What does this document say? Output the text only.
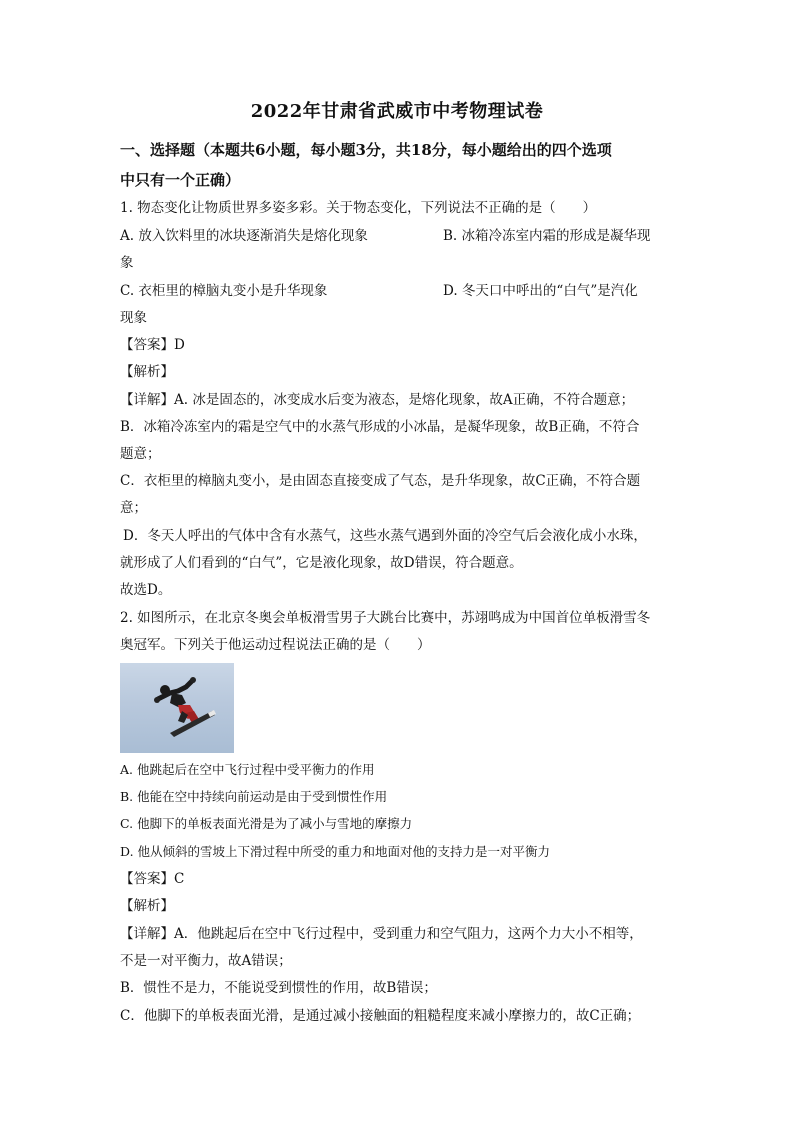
2022年甘肃省武威市中考物理试卷
一、选择题（本题共6小题，每小题3分，共18分，每小题给出的四个选项
中只有一个正确）
1. 物态变化让物质世界多姿多彩。关于物态变化，下列说法不正确的是（　　）
A. 放入饮料里的冰块逐渐消失是熔化现象	B. 冰箱冷冻室内霜的形成是凝华现
象
C. 衣柜里的樟脑丸变小是升华现象	D. 冬天口中呼出的“白气”是汽化
现象
【答案】D
【解析】
【详解】A. 冰是固态的，冰变成水后变为液态，是熔化现象，故A正确，不符合题意；
B．冰箱冷冻室内的霜是空气中的水蒸气形成的小冰晶，是凝华现象，故B正确，不符合
题意；
C．衣柜里的樟脑丸变小，是由固态直接变成了气态，是升华现象，故C正确，不符合题
意；
D．冬天人呼出的气体中含有水蒸气，这些水蒸气遇到外面的冷空气后会液化成小水珠，
就形成了人们看到的“白气”，它是液化现象，故D错误，符合题意。
故选D。
2. 如图所示，在北京冬奥会单板滑雪男子大跳台比赛中，苏翊鸣成为中国首位单板滑雪冬
奥冠军。下列关于他运动过程说法正确的是（　　）
A. 他跳起后在空中飞行过程中受平衡力的作用
B. 他能在空中持续向前运动是由于受到惯性作用
C. 他脚下的单板表面光滑是为了减小与雪地的摩擦力
D. 他从倾斜的雪坡上下滑过程中所受的重力和地面对他的支持力是一对平衡力
【答案】C
【解析】
【详解】A．他跳起后在空中飞行过程中，受到重力和空气阻力，这两个力大小不相等，
不是一对平衡力，故A错误；
B．惯性不是力，不能说受到惯性的作用，故B错误；
C．他脚下的单板表面光滑，是通过减小接触面的粗糙程度来减小摩擦力的，故C正确；
